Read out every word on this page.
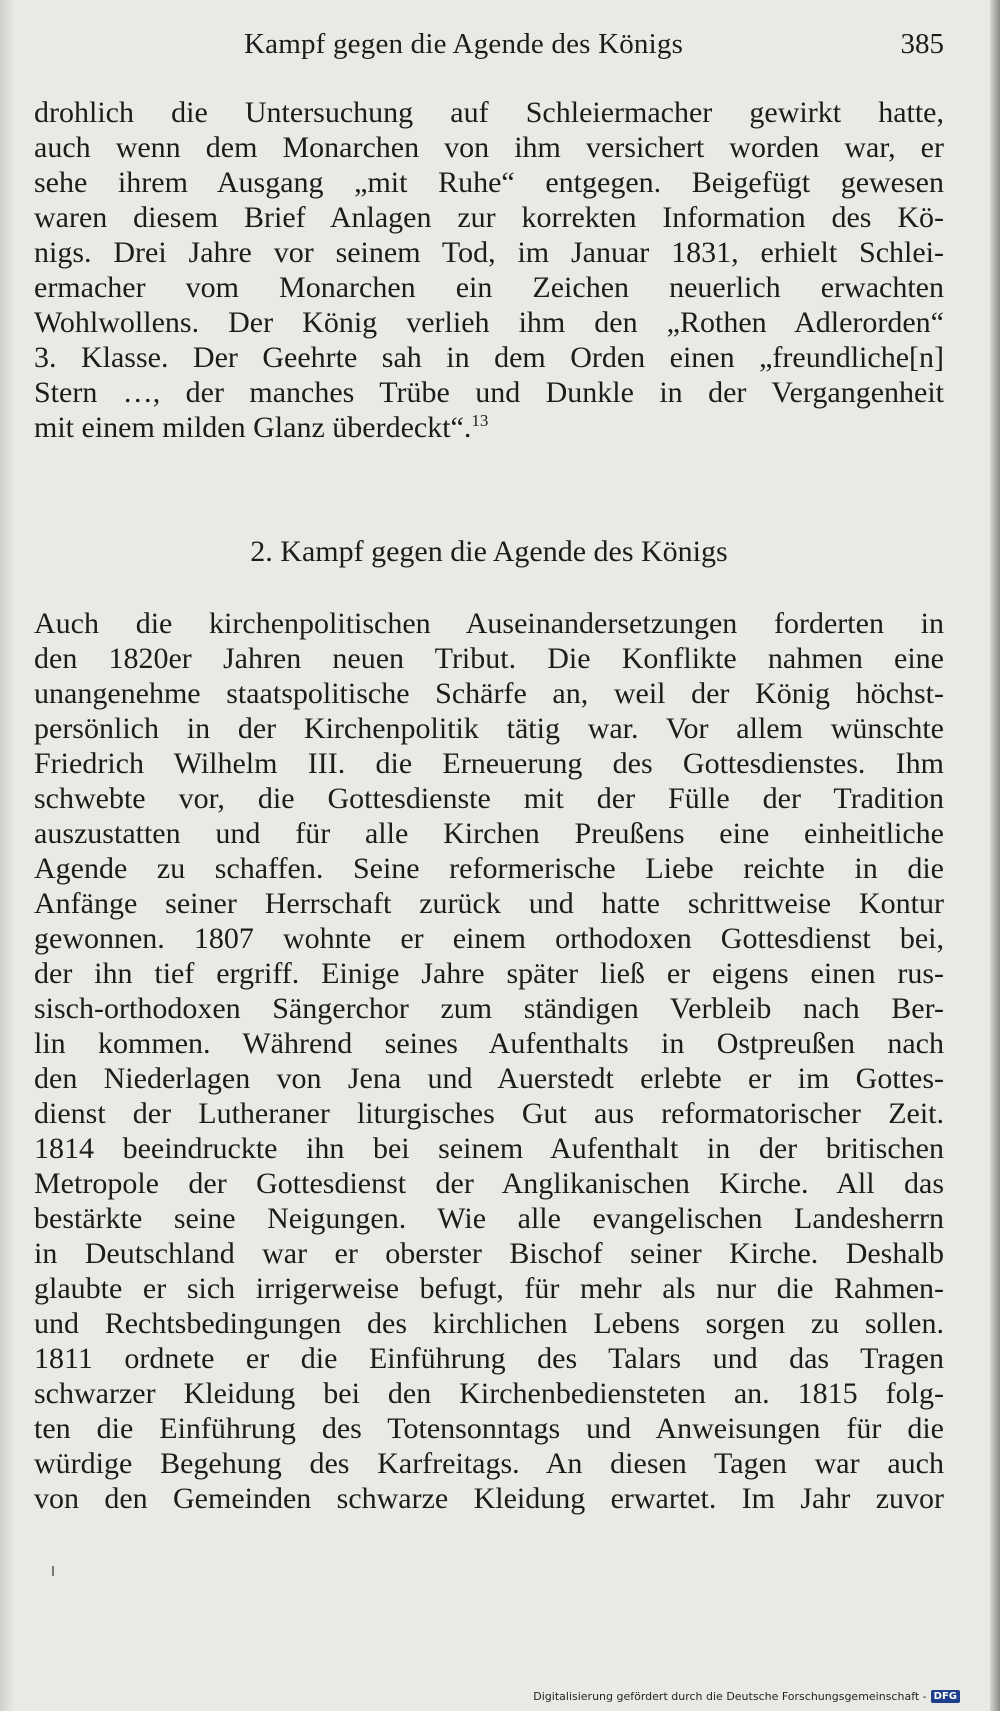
Kampf gegen die Agende des Königs	385
drohlich die Untersuchung auf Schleiermacher gewirkt hatte,
auch wenn dem Monarchen von ihm versichert worden war, er
sehe ihrem Ausgang „mit Ruhe“ entgegen. Beigefügt gewesen
waren diesem Brief Anlagen zur korrekten Information des Kö-
nigs. Drei Jahre vor seinem Tod, im Januar 1831, erhielt Schlei-
ermacher vom Monarchen ein Zeichen neuerlich erwachten
Wohlwollens. Der König verlieh ihm den „Rothen Adlerorden“
3. Klasse. Der Geehrte sah in dem Orden einen „freundliche[n]
Stern …, der manches Trübe und Dunkle in der Vergangenheit
mit einem milden Glanz überdeckt“.$^{13}$
2. Kampf gegen die Agende des Königs
Auch die kirchenpolitischen Auseinandersetzungen forderten in
den 1820er Jahren neuen Tribut. Die Konflikte nahmen eine
unangenehme staatspolitische Schärfe an, weil der König höchst-
persönlich in der Kirchenpolitik tätig war. Vor allem wünschte
Friedrich Wilhelm III. die Erneuerung des Gottesdienstes. Ihm
schwebte vor, die Gottesdienste mit der Fülle der Tradition
auszustatten und für alle Kirchen Preußens eine einheitliche
Agende zu schaffen. Seine reformerische Liebe reichte in die
Anfänge seiner Herrschaft zurück und hatte schrittweise Kontur
gewonnen. 1807 wohnte er einem orthodoxen Gottesdienst bei,
der ihn tief ergriff. Einige Jahre später ließ er eigens einen rus-
sisch-orthodoxen Sängerchor zum ständigen Verbleib nach Ber-
lin kommen. Während seines Aufenthalts in Ostpreußen nach
den Niederlagen von Jena und Auerstedt erlebte er im Gottes-
dienst der Lutheraner liturgisches Gut aus reformatorischer Zeit.
1814 beeindruckte ihn bei seinem Aufenthalt in der britischen
Metropole der Gottesdienst der Anglikanischen Kirche. All das
bestärkte seine Neigungen. Wie alle evangelischen Landesherrn
in Deutschland war er oberster Bischof seiner Kirche. Deshalb
glaubte er sich irrigerweise befugt, für mehr als nur die Rahmen-
und Rechtsbedingungen des kirchlichen Lebens sorgen zu sollen.
1811 ordnete er die Einführung des Talars und das Tragen
schwarzer Kleidung bei den Kirchenbediensteten an. 1815 folg-
ten die Einführung des Totensonntags und Anweisungen für die
würdige Begehung des Karfreitags. An diesen Tagen war auch
von den Gemeinden schwarze Kleidung erwartet. Im Jahr zuvor
Digitalisierung gefördert durch die Deutsche Forschungsgemeinschaft - DFG
